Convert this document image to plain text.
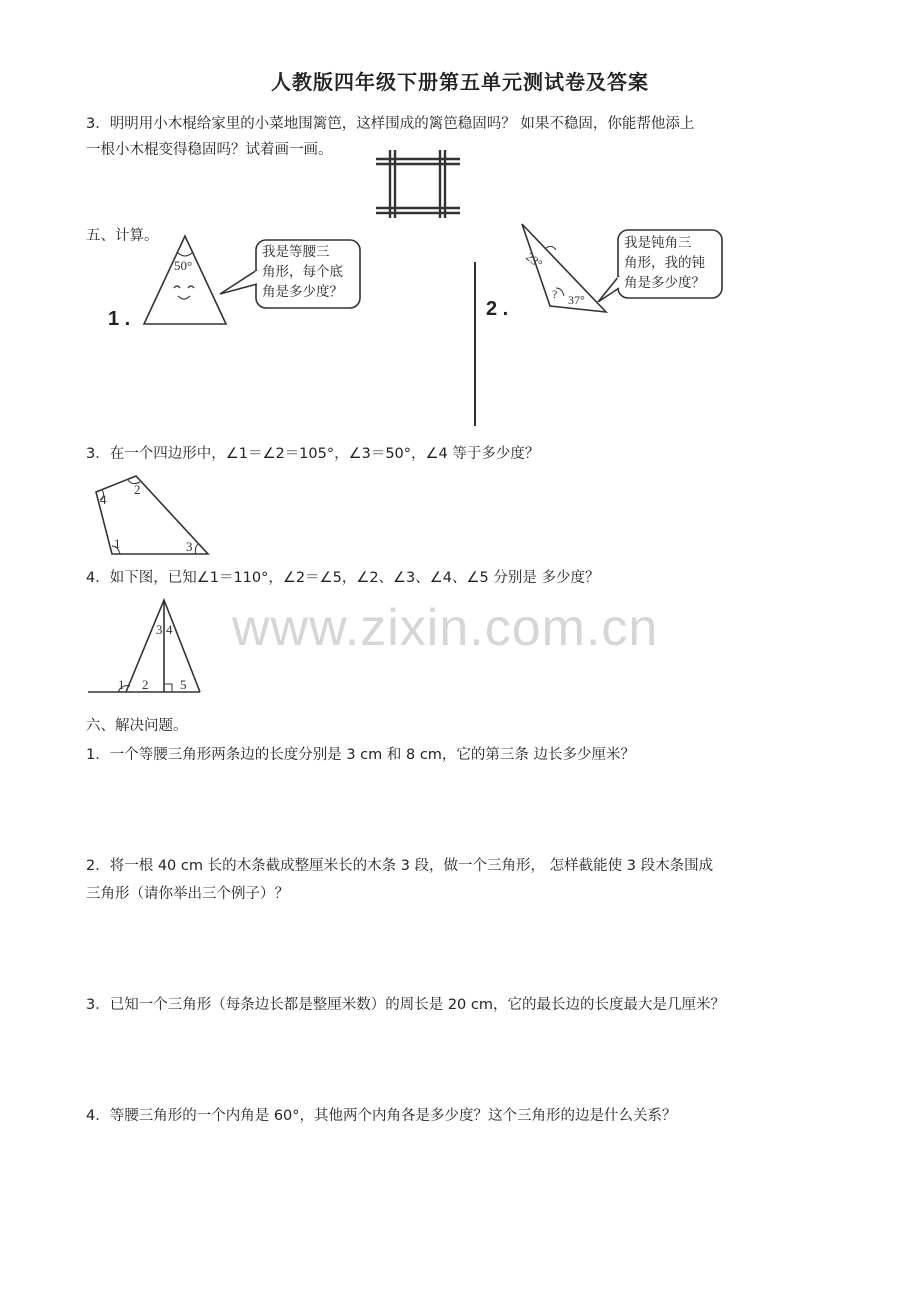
人教版四年级下册第五单元测试卷及答案
3．明明用小木棍给家里的小菜地围篱笆，这样围成的篱笆稳固吗？ 如果不稳固，你能帮他添上
一根小木棍变得稳固吗？试着画一画。
五、计算。
1 .
50°
我是等腰三
角形，每个底
角是多少度？
2 .
23°
? 37°
我是钝角三
角形，我的钝
角是多少度？
3．在一个四边形中，∠1＝∠2＝105°，∠3＝50°，∠4 等于多少度？
4
2
1	3
4．如下图，已知∠1＝110°，∠2＝∠5，∠2、∠3、∠4、∠5 分别是 多少度？
1 2
3 4
5
www.zixin.com.cn
六、解决问题。
1．一个等腰三角形两条边的长度分别是 3 cm 和 8 cm，它的第三条 边长多少厘米？
2．将一根 40 cm 长的木条截成整厘米长的木条 3 段，做一个三角形， 怎样截能使 3 段木条围成
三角形（请你举出三个例子）？
3．已知一个三角形（每条边长都是整厘米数）的周长是 20 cm，它的最长边的长度最大是几厘米？
4．等腰三角形的一个内角是 60°，其他两个内角各是多少度？这个三角形的边是什么关系？
